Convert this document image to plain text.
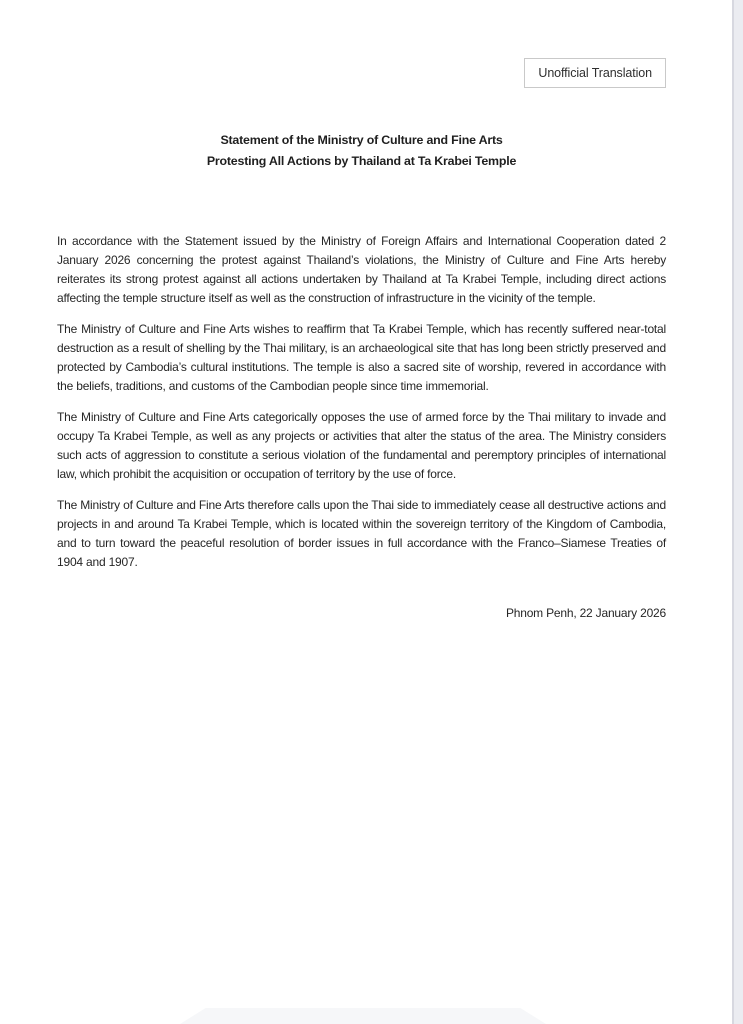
Unofficial Translation
Statement of the Ministry of Culture and Fine Arts
Protesting All Actions by Thailand at Ta Krabei Temple

In accordance with the Statement issued by the Ministry of Foreign Affairs and International Cooperation dated 2 January 2026 concerning the protest against Thailand’s violations, the Ministry of Culture and Fine Arts hereby reiterates its strong protest against all actions undertaken by Thailand at Ta Krabei Temple, including direct actions affecting the temple structure itself as well as the construction of infrastructure in the vicinity of the temple.

The Ministry of Culture and Fine Arts wishes to reaffirm that Ta Krabei Temple, which has recently suffered near-total destruction as a result of shelling by the Thai military, is an archaeological site that has long been strictly preserved and protected by Cambodia’s cultural institutions. The temple is also a sacred site of worship, revered in accordance with the beliefs, traditions, and customs of the Cambodian people since time immemorial.

The Ministry of Culture and Fine Arts categorically opposes the use of armed force by the Thai military to invade and occupy Ta Krabei Temple, as well as any projects or activities that alter the status of the area. The Ministry considers such acts of aggression to constitute a serious violation of the fundamental and peremptory principles of international law, which prohibit the acquisition or occupation of territory by the use of force.

The Ministry of Culture and Fine Arts therefore calls upon the Thai side to immediately cease all destructive actions and projects in and around Ta Krabei Temple, which is located within the sovereign territory of the Kingdom of Cambodia, and to turn toward the peaceful resolution of border issues in full accordance with the Franco–Siamese Treaties of 1904 and 1907.

Phnom Penh, 22 January 2026
